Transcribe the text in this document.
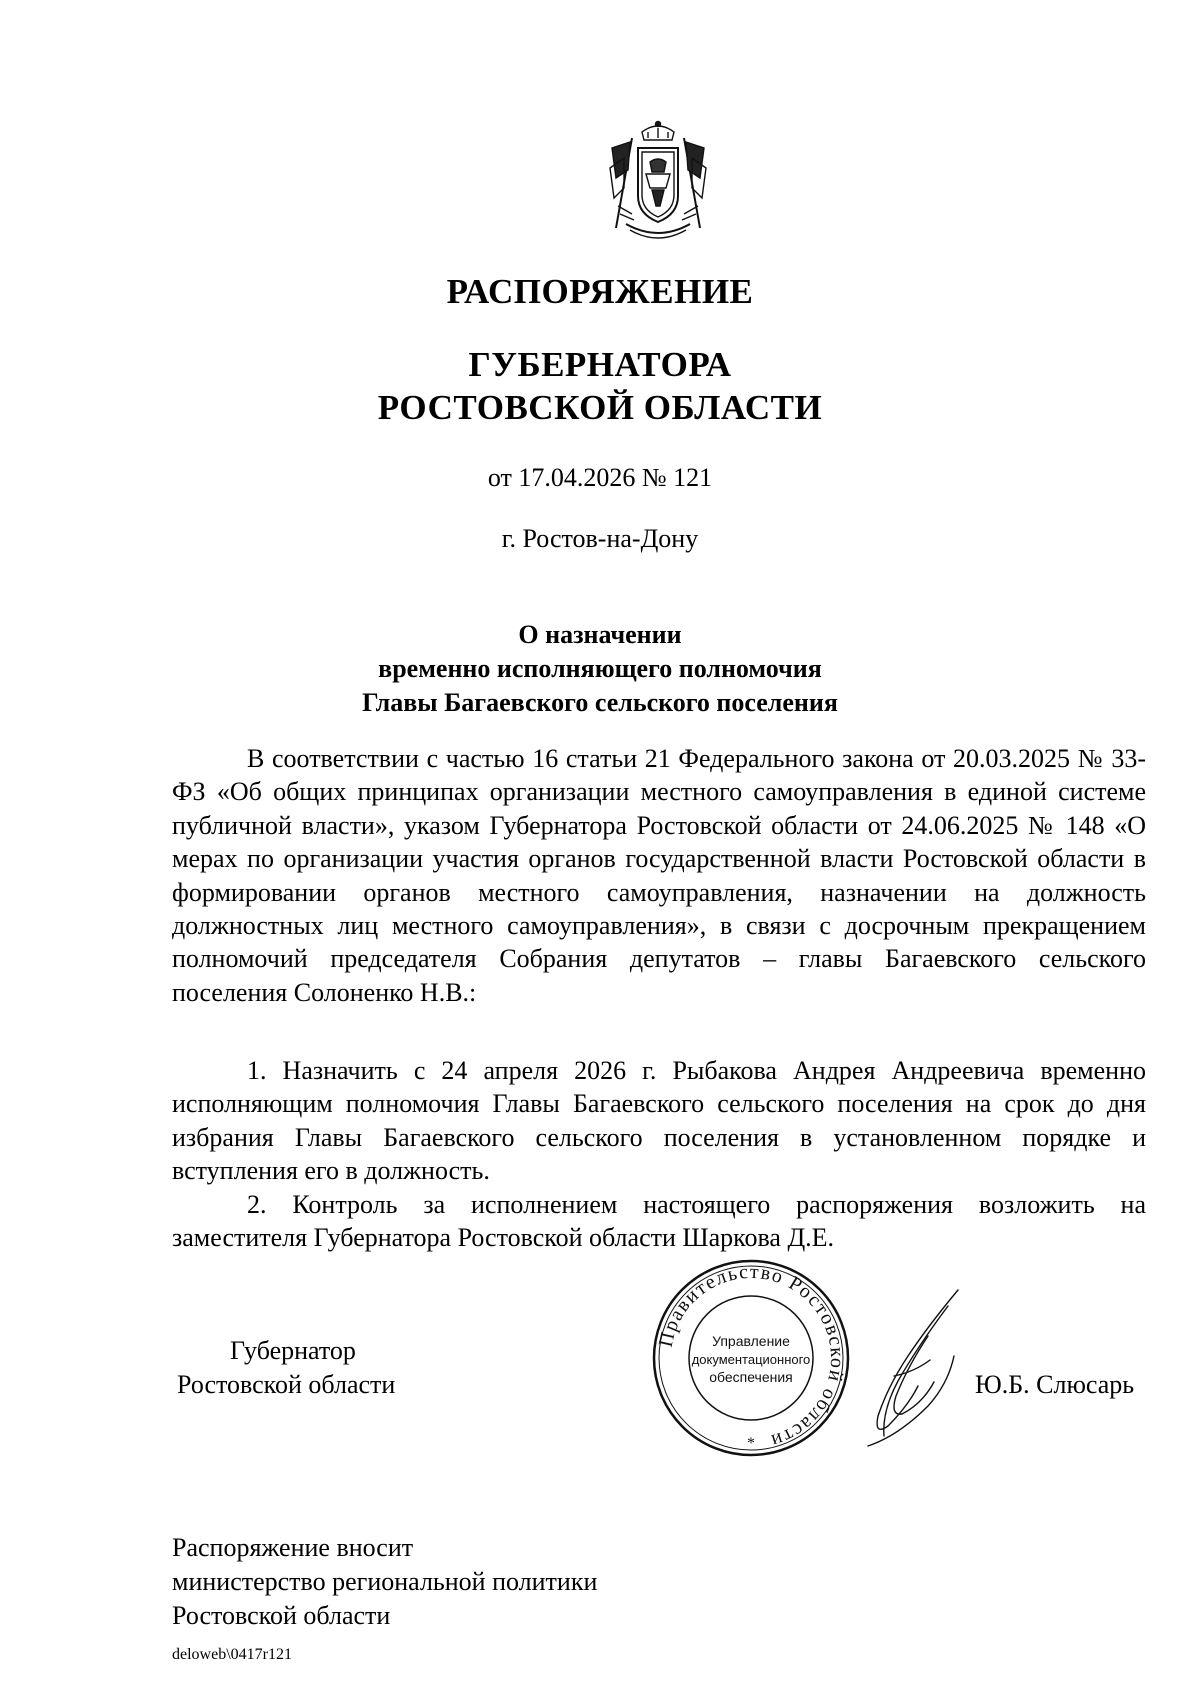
РАСПОРЯЖЕНИЕ
ГУБЕРНАТОРА
РОСТОВСКОЙ ОБЛАСТИ
от 17.04.2026 № 121
г. Ростов-на-Дону
О назначении
временно исполняющего полномочия
Главы Багаевского сельского поселения

В соответствии с частью 16 статьи 21 Федерального закона от 20.03.2025 № 33-ФЗ «Об общих принципах организации местного самоуправления в единой системе публичной власти», указом Губернатора Ростовской области от 24.06.2025 № 148 «О мерах по организации участия органов государственной власти Ростовской области в формировании органов местного самоуправления, назначении на должность должностных лиц местного самоуправления», в связи с досрочным прекращением полномочий председателя Собрания депутатов – главы Багаевского сельского поселения Солоненко Н.В.:

1. Назначить с 24 апреля 2026 г. Рыбакова Андрея Андреевича временно исполняющим полномочия Главы Багаевского сельского поселения на срок до дня избрания Главы Багаевского сельского поселения в установленном порядке и вступления его в должность.

2. Контроль за исполнением настоящего распоряжения возложить на заместителя Губернатора Ростовской области Шаркова Д.Е.

Губернатор
Ростовской области	Ю.Б. Слюсарь
Правительство Ростовской области
Управление
документационного
обеспечения
*
Распоряжение вносит
министерство региональной политики
Ростовской области
deloweb\0417r121
